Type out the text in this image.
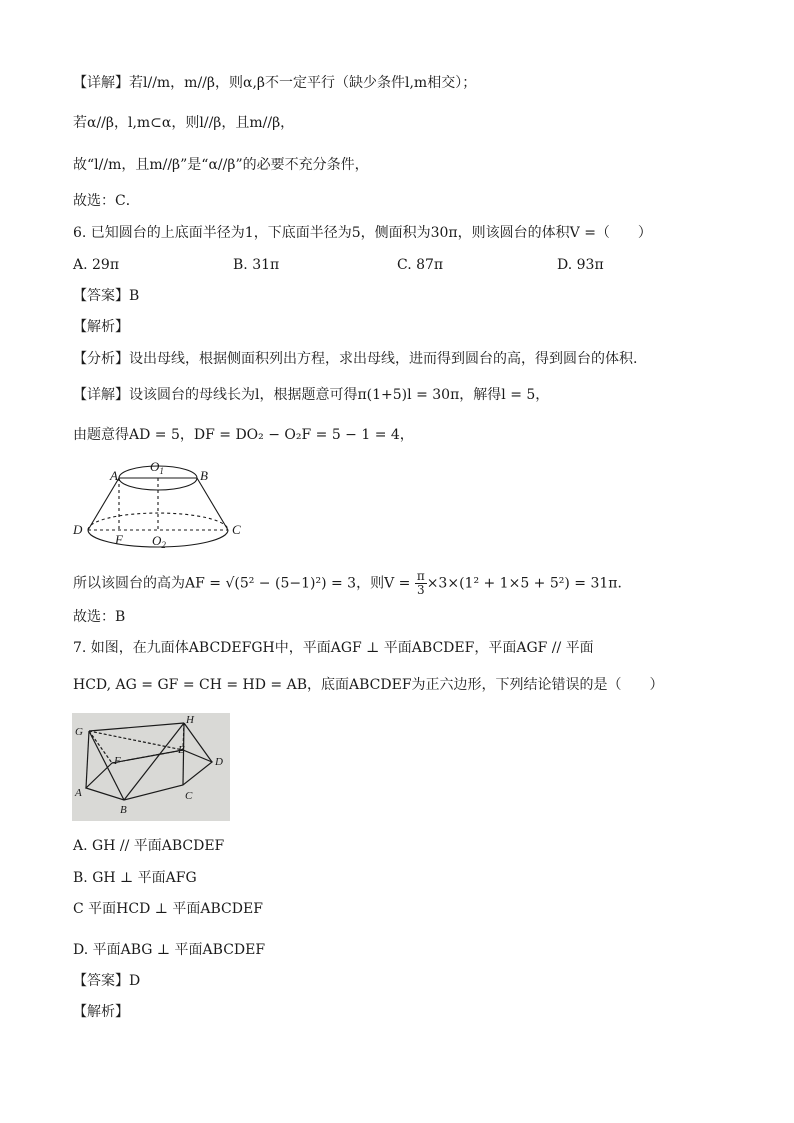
【详解】若l//m，m//β，则α,β不一定平行（缺少条件l,m相交）；
若α//β，l,m⊂α，则l//β，且m//β，
故“l//m，且m//β”是“α//β”的必要不充分条件，
故选：C．
6. 已知圆台的上底面半径为1，下底面半径为5，侧面积为30π，则该圆台的体积V =（　　）
A. 29π	B. 31π	C. 87π	D. 93π
【答案】B
【解析】
【分析】设出母线，根据侧面积列出方程，求出母线，进而得到圆台的高，得到圆台的体积.
【详解】设该圆台的母线长为l，根据题意可得π(1+5)l = 30π，解得l = 5，
由题意得AD = 5，DF = DO₂ − O₂F = 5 − 1 = 4，
A
$O_1$	B
D	C
F $O_2$
所以该圆台的高为AF = √(5² − (5−1)²) = 3，则$V = \frac{\pi}{3} \times 3\times(1^2 + 1\times 5 + 5^2) = 31\pi$．
故选：B
7. 如图，在九面体ABCDEFGH中，平面AGF ⊥ 平面ABCDEF，平面AGF // 平面
HCD, AG = GF = CH = HD = AB，底面ABCDEF为正六边形，下列结论错误的是（　　）
G
H
E
F	D
A
B
C
A. GH // 平面ABCDEF
B. GH ⊥ 平面AFG
C 平面HCD ⊥ 平面ABCDEF
D. 平面ABG ⊥ 平面ABCDEF
【答案】D
【解析】
